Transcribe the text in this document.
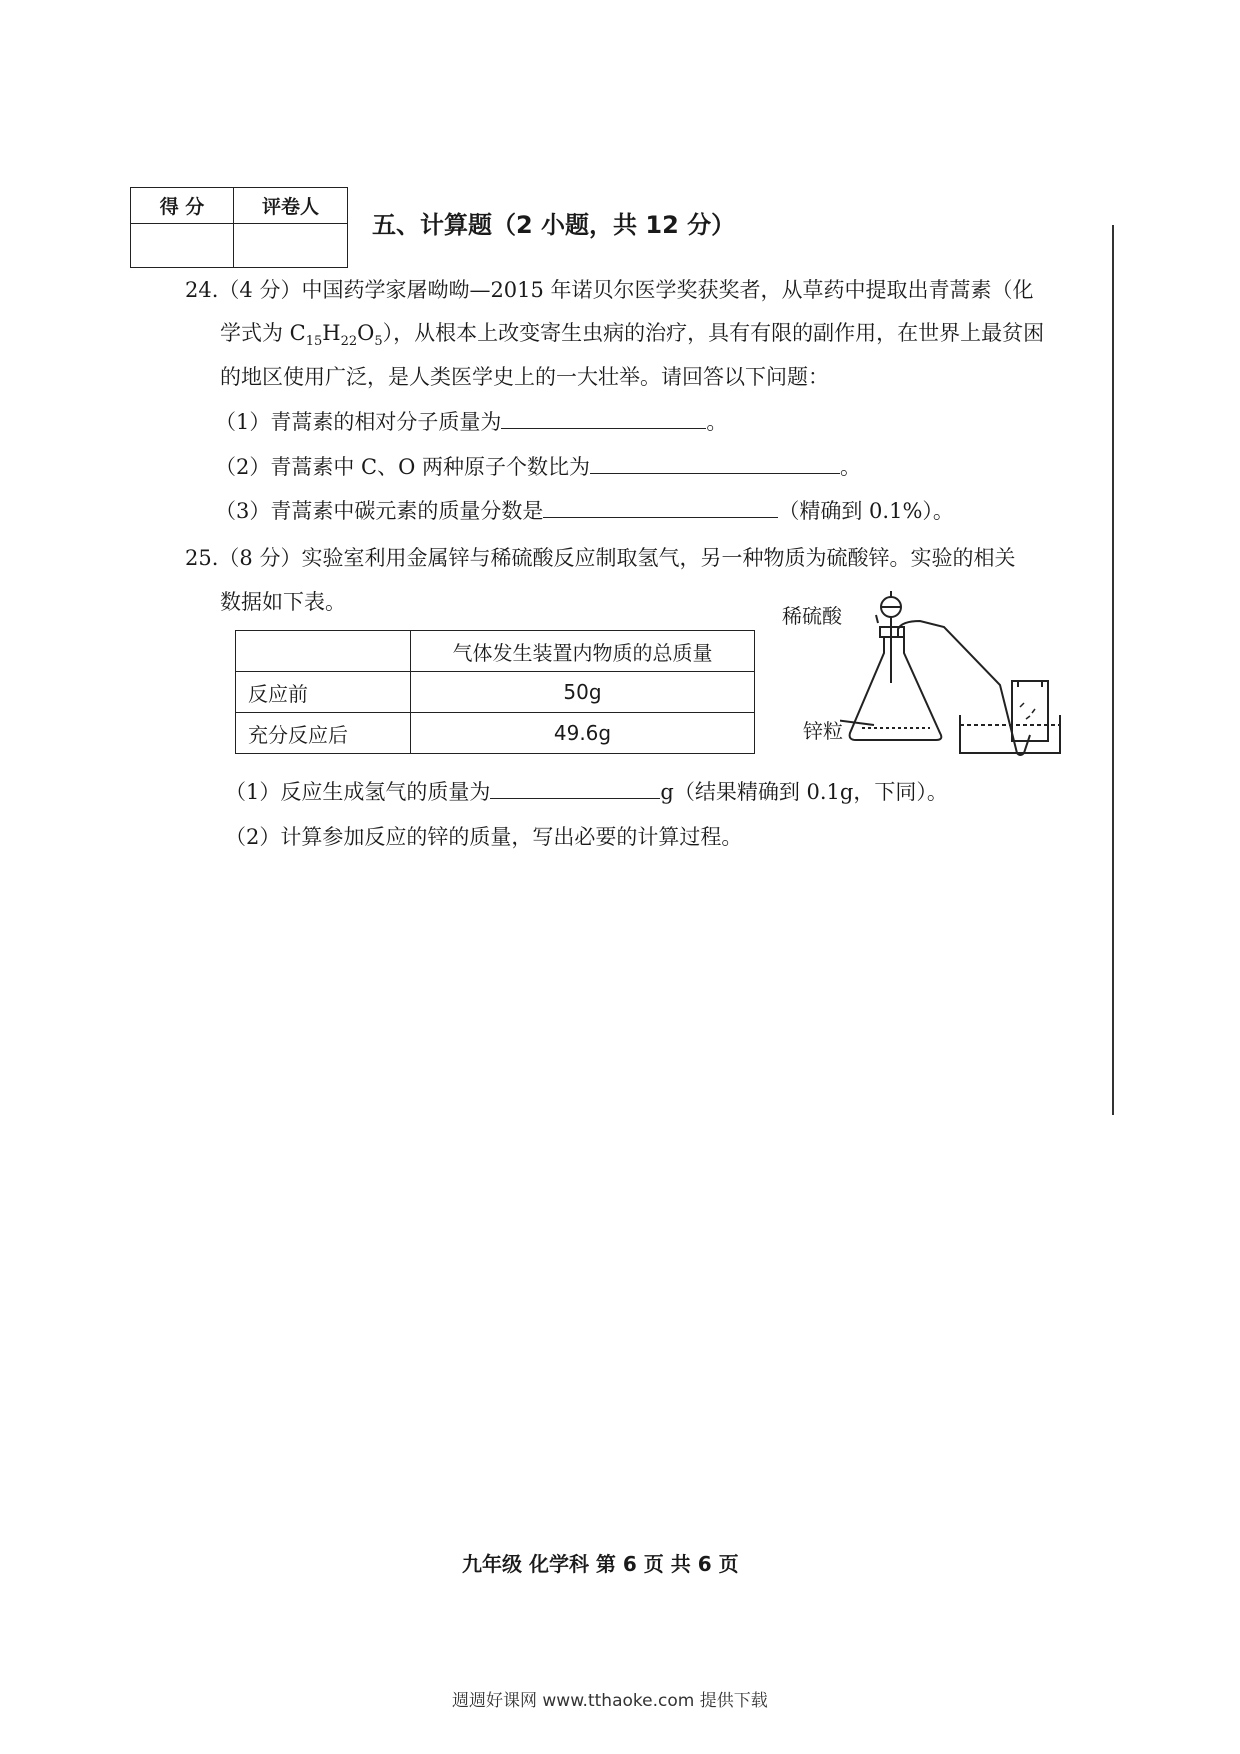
得 分	评卷人

五、计算题（2 小题，共 12 分）
24.（4 分）中国药学家屠呦呦—2015 年诺贝尔医学奖获奖者，从草药中提取出青蒿素（化
学式为 $C_{15}H_{22}O_5$），从根本上改变寄生虫病的治疗，具有有限的副作用，在世界上最贫困
的地区使用广泛，是人类医学史上的一大壮举。请回答以下问题：
（1）青蒿素的相对分子质量为	。
（2）青蒿素中 C、O 两种原子个数比为	。
（3）青蒿素中碳元素的质量分数是	（精确到 0.1%）。
25.（8 分）实验室利用金属锌与稀硫酸反应制取氢气，另一种物质为硫酸锌。实验的相关
数据如下表。
	气体发生装置内物质的总质量
反应前	50g
充分反应后	49.6g
稀硫酸
锌粒
（1）反应生成氢气的质量为	g（结果精确到 0.1g，下同）。
（2）计算参加反应的锌的质量，写出必要的计算过程。
九年级 化学科 第 6 页 共 6 页
週週好课网 www.tthaoke.com 提供下载
